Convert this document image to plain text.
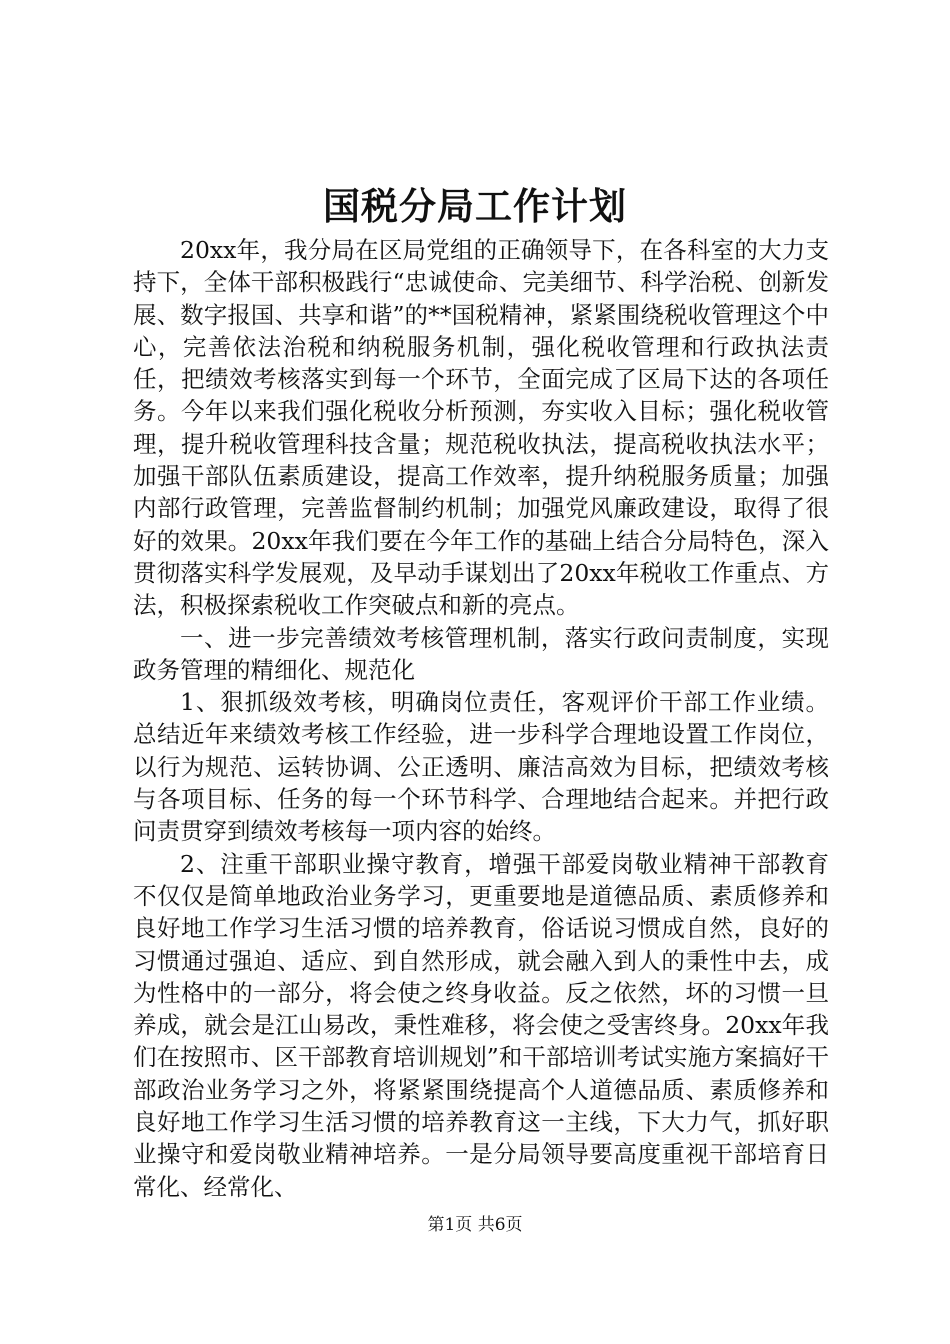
国税分局工作计划

20xx年，我分局在区局党组的正确领导下，在各科室的大力支持下，全体干部积极践行“忠诚使命、完美细节、科学治税、创新发展、数字报国、共享和谐”的**国税精神，紧紧围绕税收管理这个中心，完善依法治税和纳税服务机制，强化税收管理和行政执法责任，把绩效考核落实到每一个环节，全面完成了区局下达的各项任务。今年以来我们强化税收分析预测，夯实收入目标；强化税收管理，提升税收管理科技含量；规范税收执法，提高税收执法水平；加强干部队伍素质建设，提高工作效率，提升纳税服务质量；加强内部行政管理，完善监督制约机制；加强党风廉政建设，取得了很好的效果。20xx年我们要在今年工作的基础上结合分局特色，深入贯彻落实科学发展观，及早动手谋划出了20xx年税收工作重点、方法，积极探索税收工作突破点和新的亮点。

一、进一步完善绩效考核管理机制，落实行政问责制度，实现政务管理的精细化、规范化

1、狠抓级效考核，明确岗位责任，客观评价干部工作业绩。总结近年来绩效考核工作经验，进一步科学合理地设置工作岗位，以行为规范、运转协调、公正透明、廉洁高效为目标，把绩效考核与各项目标、任务的每一个环节科学、合理地结合起来。并把行政问责贯穿到绩效考核每一项内容的始终。

2、注重干部职业操守教育，增强干部爱岗敬业精神干部教育不仅仅是简单地政治业务学习，更重要地是道德品质、素质修养和良好地工作学习生活习惯的培养教育，俗话说习惯成自然，良好的习惯通过强迫、适应、到自然形成，就会融入到人的秉性中去，成为性格中的一部分，将会使之终身收益。反之依然，坏的习惯一旦养成，就会是江山易改，秉性难移，将会使之受害终身。20xx年我们在按照市、区干部教育培训规划”和干部培训考试实施方案搞好干部政治业务学习之外，将紧紧围绕提高个人道德品质、素质修养和良好地工作学习生活习惯的培养教育这一主线，下大力气，抓好职业操守和爱岗敬业精神培养。一是分局领导要高度重视干部培育日常化、经常化、

第1页 共6页
